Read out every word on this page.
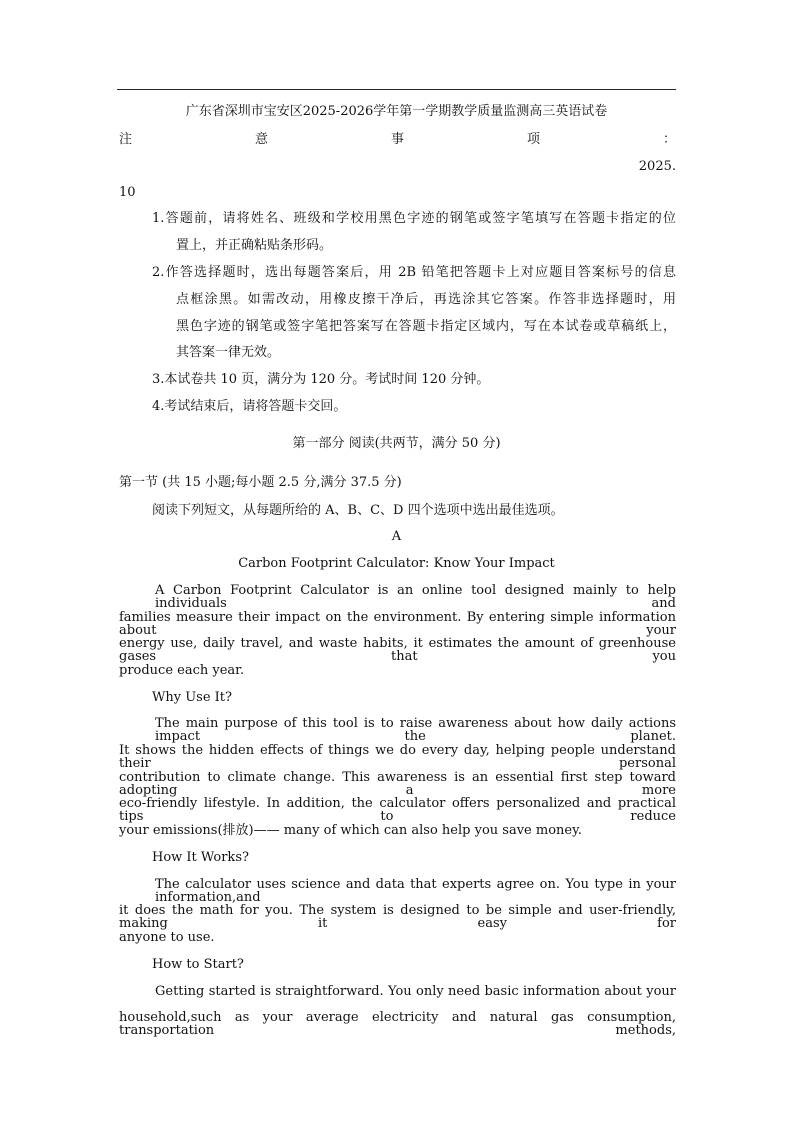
广东省深圳市宝安区2025-2026学年第一学期教学质量监测高三英语试卷
注	意	事	项	：
2025.
10
1.答题前，请将姓名、班级和学校用黑色字迹的钢笔或签字笔填写在答题卡指定的位
置上，并正确粘贴条形码。
2.作答选择题时，选出每题答案后，用 2B 铅笔把答题卡上对应题目答案标号的信息
点框涂黑。如需改动，用橡皮擦干净后，再选涂其它答案。作答非选择题时，用
黑色字迹的钢笔或签字笔把答案写在答题卡指定区域内，写在本试卷或草稿纸上，
其答案一律无效。
3.本试卷共 10 页，满分为 120 分。考试时间 120 分钟。
4.考试结束后，请将答题卡交回。
第一部分 阅读(共两节，满分 50 分)
第一节 (共 15 小题;每小题 2.5 分,满分 37.5 分)
阅读下列短文，从每题所给的 A、B、C、D 四个选项中选出最佳选项。
A
Carbon Footprint Calculator: Know Your Impact
A Carbon Footprint Calculator is an online tool designed mainly to help individuals and
families measure their impact on the environment. By entering simple information about your
energy use, daily travel, and waste habits, it estimates the amount of greenhouse gases that you
produce each year.
Why Use It?
The main purpose of this tool is to raise awareness about how daily actions impact the planet.
It shows the hidden effects of things we do every day, helping people understand their personal
contribution to climate change. This awareness is an essential first step toward adopting a more
eco-friendly lifestyle. In addition, the calculator offers personalized and practical tips to reduce
your emissions(排放)—— many of which can also help you save money.
How It Works?
The calculator uses science and data that experts agree on. You type in your information,and
it does the math for you. The system is designed to be simple and user-friendly, making it easy for
anyone to use.
How to Start?
Getting started is straightforward. You only need basic information about your
household,such as your average electricity and natural gas consumption, transportation methods,
